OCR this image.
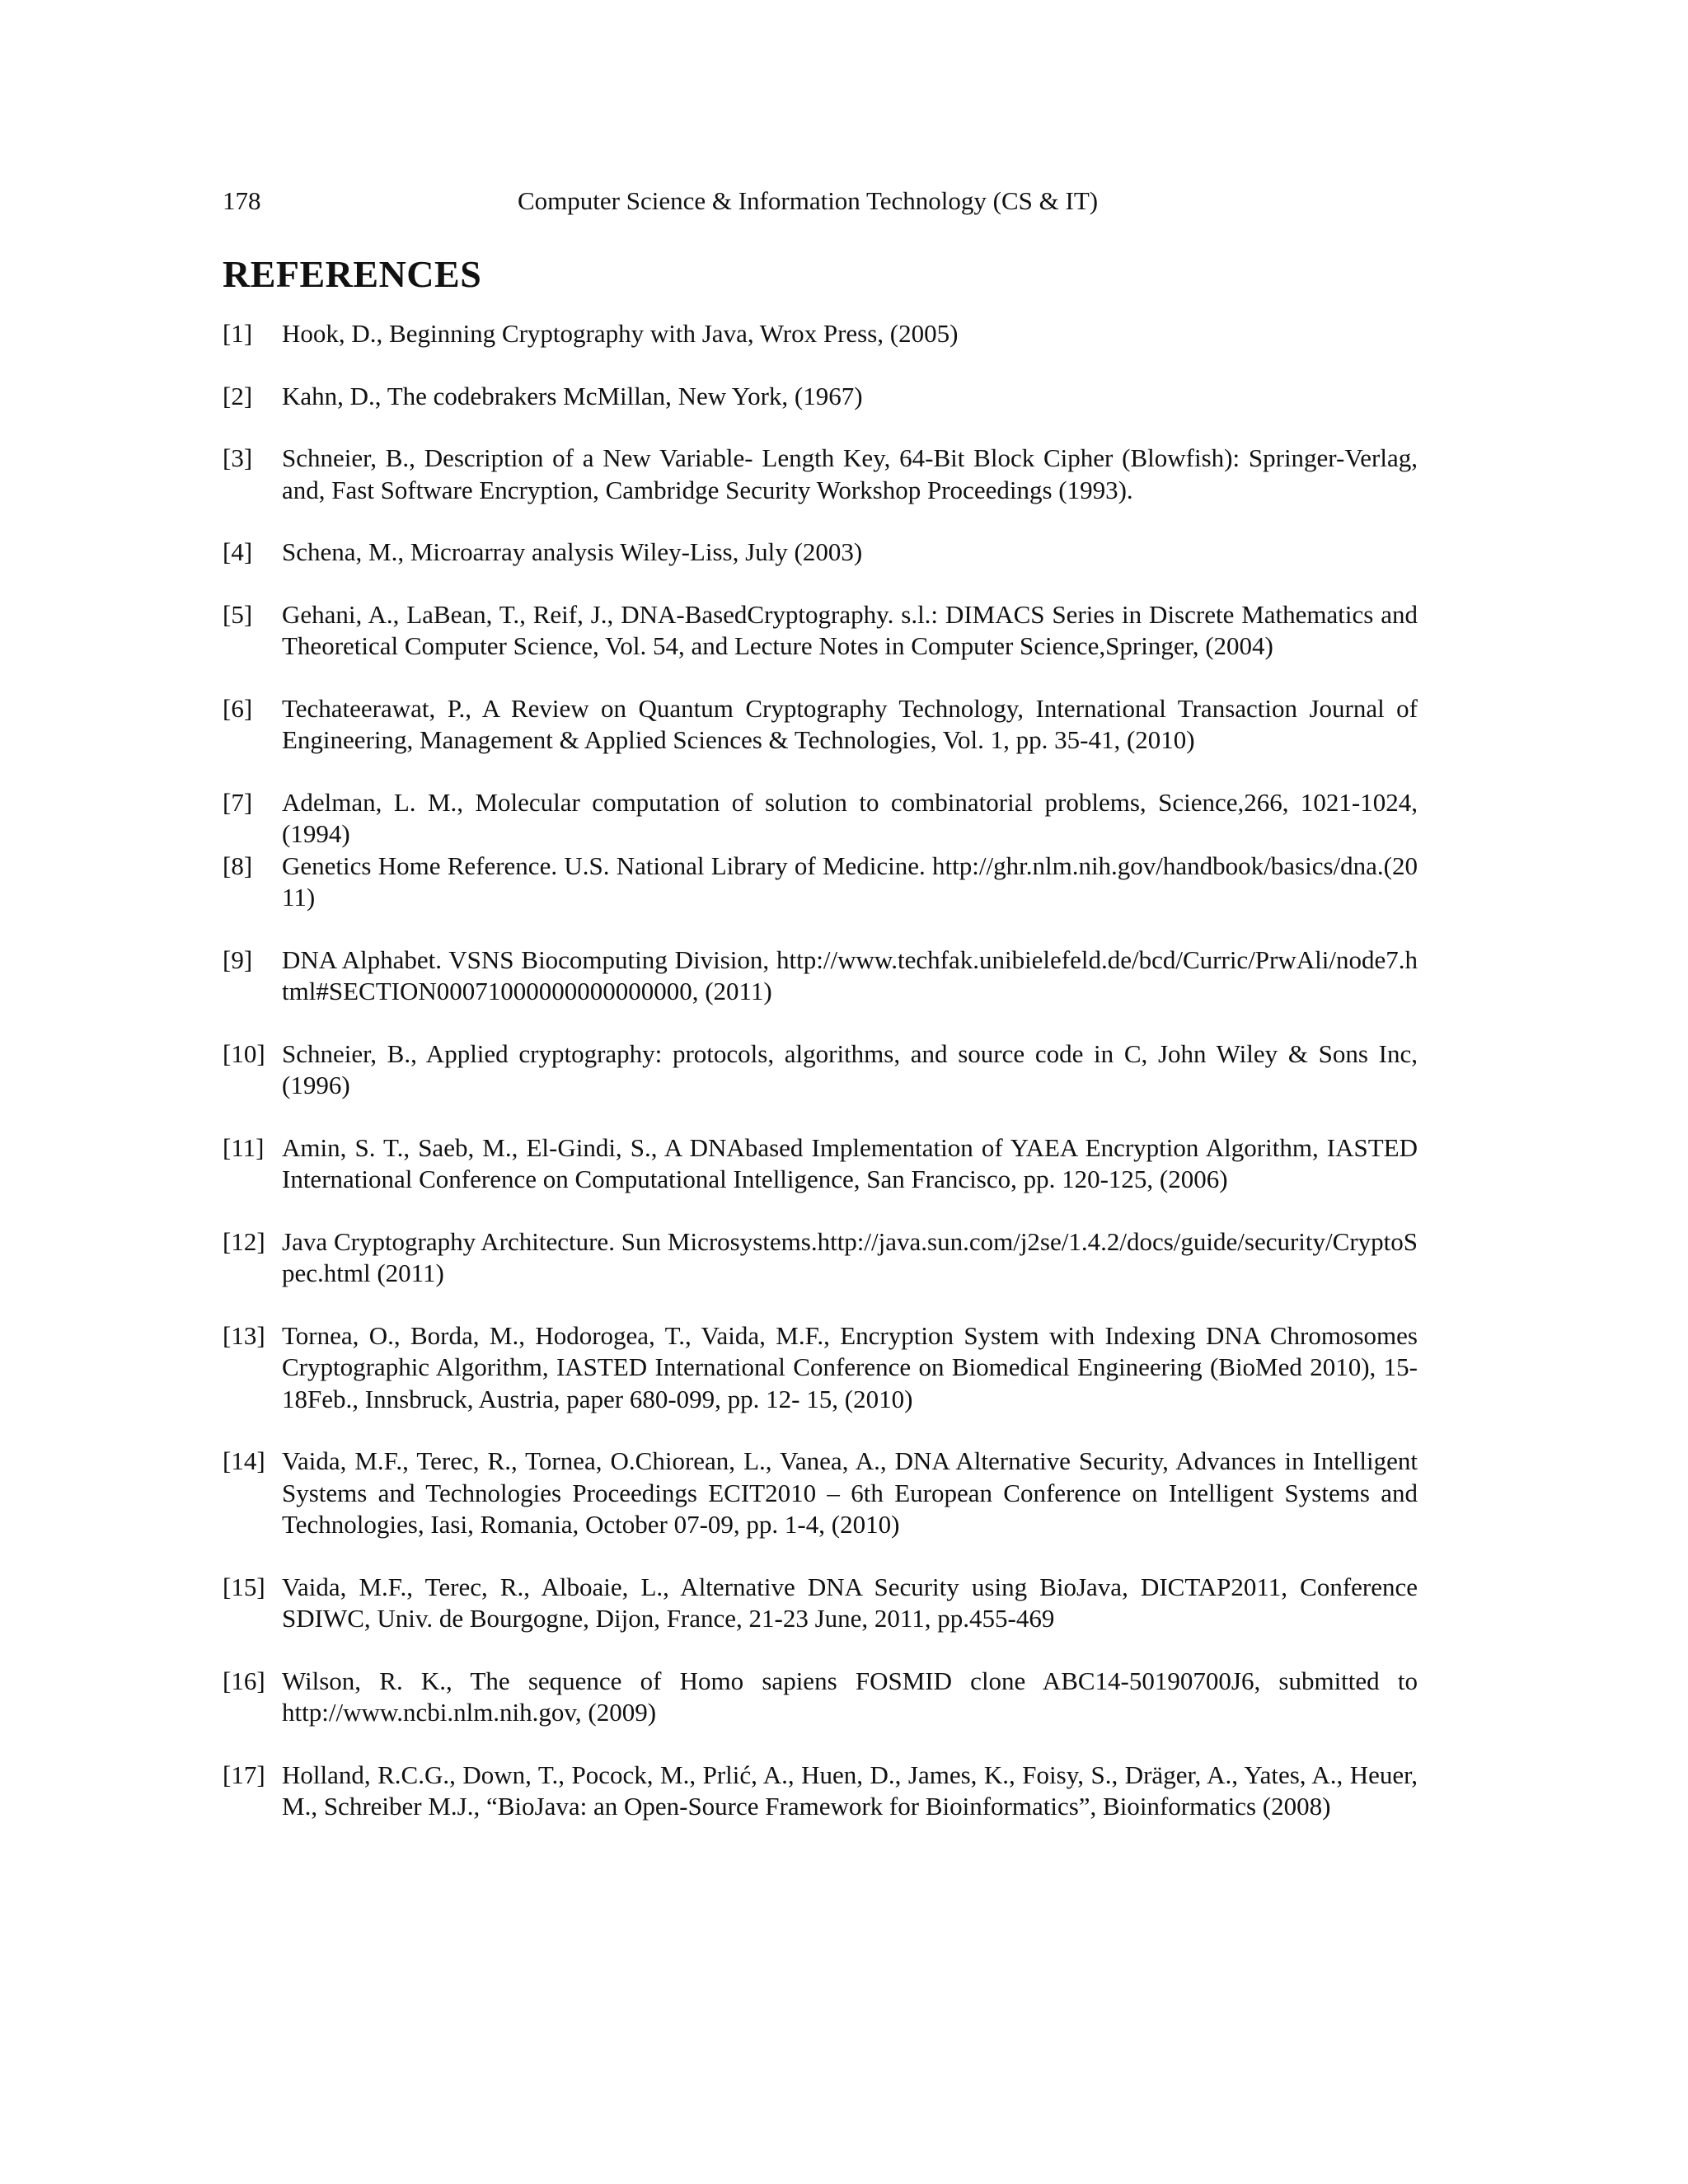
178	Computer Science & Information Technology (CS & IT)
REFERENCES
[1] Hook, D., Beginning Cryptography with Java, Wrox Press, (2005)
[2] Kahn, D., The codebrakers McMillan, New York, (1967)
[3] Schneier, B., Description of a New Variable- Length Key, 64-Bit Block Cipher (Blowfish): Springer-Verlag, and, Fast Software Encryption, Cambridge Security Workshop Proceedings (1993).
[4] Schena, M., Microarray analysis Wiley-Liss, July (2003)
[5] Gehani, A., LaBean, T., Reif, J., DNA-BasedCryptography. s.l.: DIMACS Series in Discrete Mathematics and Theoretical Computer Science, Vol. 54, and Lecture Notes in Computer Science,Springer, (2004)
[6] Techateerawat, P., A Review on Quantum Cryptography Technology, International Transaction Journal of Engineering, Management & Applied Sciences & Technologies, Vol. 1, pp. 35-41, (2010)
[7] Adelman, L. M., Molecular computation of solution to combinatorial problems, Science,266, 1021-1024, (1994)
[8] Genetics Home Reference. U.S. National Library of Medicine. http://ghr.nlm.nih.gov/handbook/basics/dna.(2011)
[9] DNA Alphabet. VSNS Biocomputing Division, http://www.techfak.unibielefeld.de/bcd/Curric/PrwAli/node7.html#SECTION00071000000000000000, (2011)
[10] Schneier, B., Applied cryptography: protocols, algorithms, and source code in C, John Wiley & Sons Inc, (1996)
[11] Amin, S. T., Saeb, M., El-Gindi, S., A DNAbased Implementation of YAEA Encryption Algorithm, IASTED International Conference on Computational Intelligence, San Francisco, pp. 120-125, (2006)
[12] Java Cryptography Architecture. Sun Microsystems.http://java.sun.com/j2se/1.4.2/docs/guide/security/CryptoSpec.html (2011)
[13] Tornea, O., Borda, M., Hodorogea, T., Vaida, M.F., Encryption System with Indexing DNA Chromosomes Cryptographic Algorithm, IASTED International Conference on Biomedical Engineering (BioMed 2010), 15-18Feb., Innsbruck, Austria, paper 680-099, pp. 12- 15, (2010)
[14] Vaida, M.F., Terec, R., Tornea, O.Chiorean, L., Vanea, A., DNA Alternative Security, Advances in Intelligent Systems and Technologies Proceedings ECIT2010 – 6th European Conference on Intelligent Systems and Technologies, Iasi, Romania, October 07-09, pp. 1-4, (2010)
[15] Vaida, M.F., Terec, R., Alboaie, L., Alternative DNA Security using BioJava, DICTAP2011, Conference SDIWC, Univ. de Bourgogne, Dijon, France, 21-23 June, 2011, pp.455-469
[16] Wilson, R. K., The sequence of Homo sapiens FOSMID clone ABC14-50190700J6, submitted to http://www.ncbi.nlm.nih.gov, (2009)
[17] Holland, R.C.G., Down, T., Pocock, M., Prlić, A., Huen, D., James, K., Foisy, S., Dräger, A., Yates, A., Heuer, M., Schreiber M.J., “BioJava: an Open-Source Framework for Bioinformatics”, Bioinformatics (2008)
